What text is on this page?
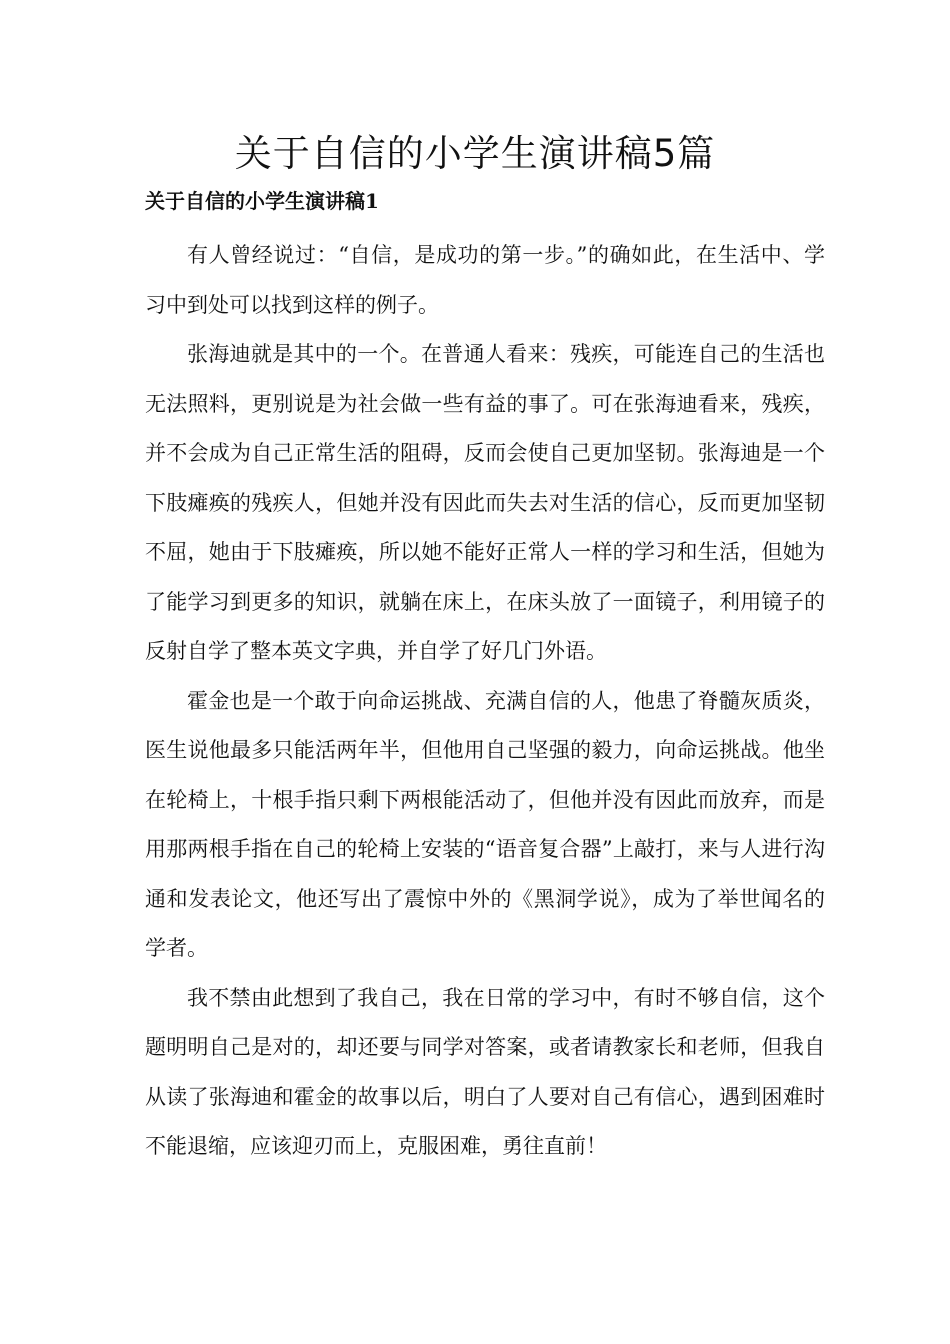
关于自信的小学生演讲稿5篇
关于自信的小学生演讲稿1

有人曾经说过：“自信，是成功的第一步。”的确如此，在生活中、学习中到处可以找到这样的例子。

张海迪就是其中的一个。在普通人看来：残疾，可能连自己的生活也无法照料，更别说是为社会做一些有益的事了。可在张海迪看来，残疾，并不会成为自己正常生活的阻碍，反而会使自己更加坚韧。张海迪是一个下肢瘫痪的残疾人，但她并没有因此而失去对生活的信心，反而更加坚韧不屈，她由于下肢瘫痪，所以她不能好正常人一样的学习和生活，但她为了能学习到更多的知识，就躺在床上，在床头放了一面镜子，利用镜子的反射自学了整本英文字典，并自学了好几门外语。

霍金也是一个敢于向命运挑战、充满自信的人，他患了脊髓灰质炎，医生说他最多只能活两年半，但他用自己坚强的毅力，向命运挑战。他坐在轮椅上，十根手指只剩下两根能活动了，但他并没有因此而放弃，而是用那两根手指在自己的轮椅上安装的“语音复合器”上敲打，来与人进行沟通和发表论文，他还写出了震惊中外的《黑洞学说》，成为了举世闻名的学者。

我不禁由此想到了我自己，我在日常的学习中，有时不够自信，这个题明明自己是对的，却还要与同学对答案，或者请教家长和老师，但我自从读了张海迪和霍金的故事以后，明白了人要对自己有信心，遇到困难时不能退缩，应该迎刃而上，克服困难，勇往直前！
